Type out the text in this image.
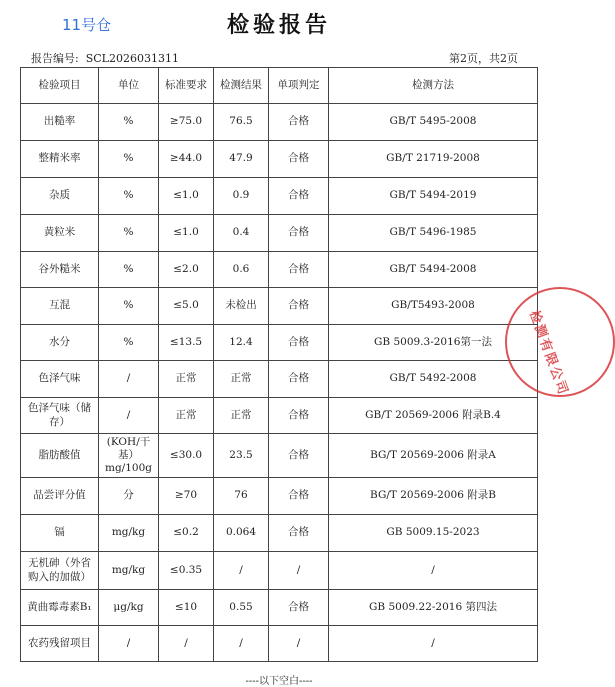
11号仓	检验报告
报告编号: SCL2026031311	第2页，共2页
检验项目	单位	标准要求	检测结果	单项判定	检测方法
出糙率	%	≥75.0	76.5	合格	GB/T 5495-2008
整精米率	%	≥44.0	47.9	合格	GB/T 21719-2008
杂质	%	≤1.0	0.9	合格	GB/T 5494-2019
黄粒米	%	≤1.0	0.4	合格	GB/T 5496-1985
谷外糙米	%	≤2.0	0.6	合格	GB/T 5494-2008
互混	%	≤5.0	未检出	合格	GB/T5493-2008
水分	%	≤13.5	12.4	合格	GB 5009.3-2016第一法
色泽气味	/	正常	正常	合格	GB/T 5492-2008
色泽气味（储存）	/	正常	正常	合格	GB/T 20569-2006 附录B.4
脂肪酸值	(KOH/干基）mg/100g	≤30.0	23.5	合格	BG/T 20569-2006 附录A
品尝评分值	分	≥70	76	合格	BG/T 20569-2006 附录B
镉	mg/kg	≤0.2	0.064	合格	GB 5009.15-2023
无机砷（外省购入的加做）	mg/kg	≤0.35	/	/	/
黄曲霉毒素B₁	μg/kg	≤10	0.55	合格	GB 5009.22-2016 第四法
农药残留项目	/	/	/	/	/
检测有限公司
----以下空白----
